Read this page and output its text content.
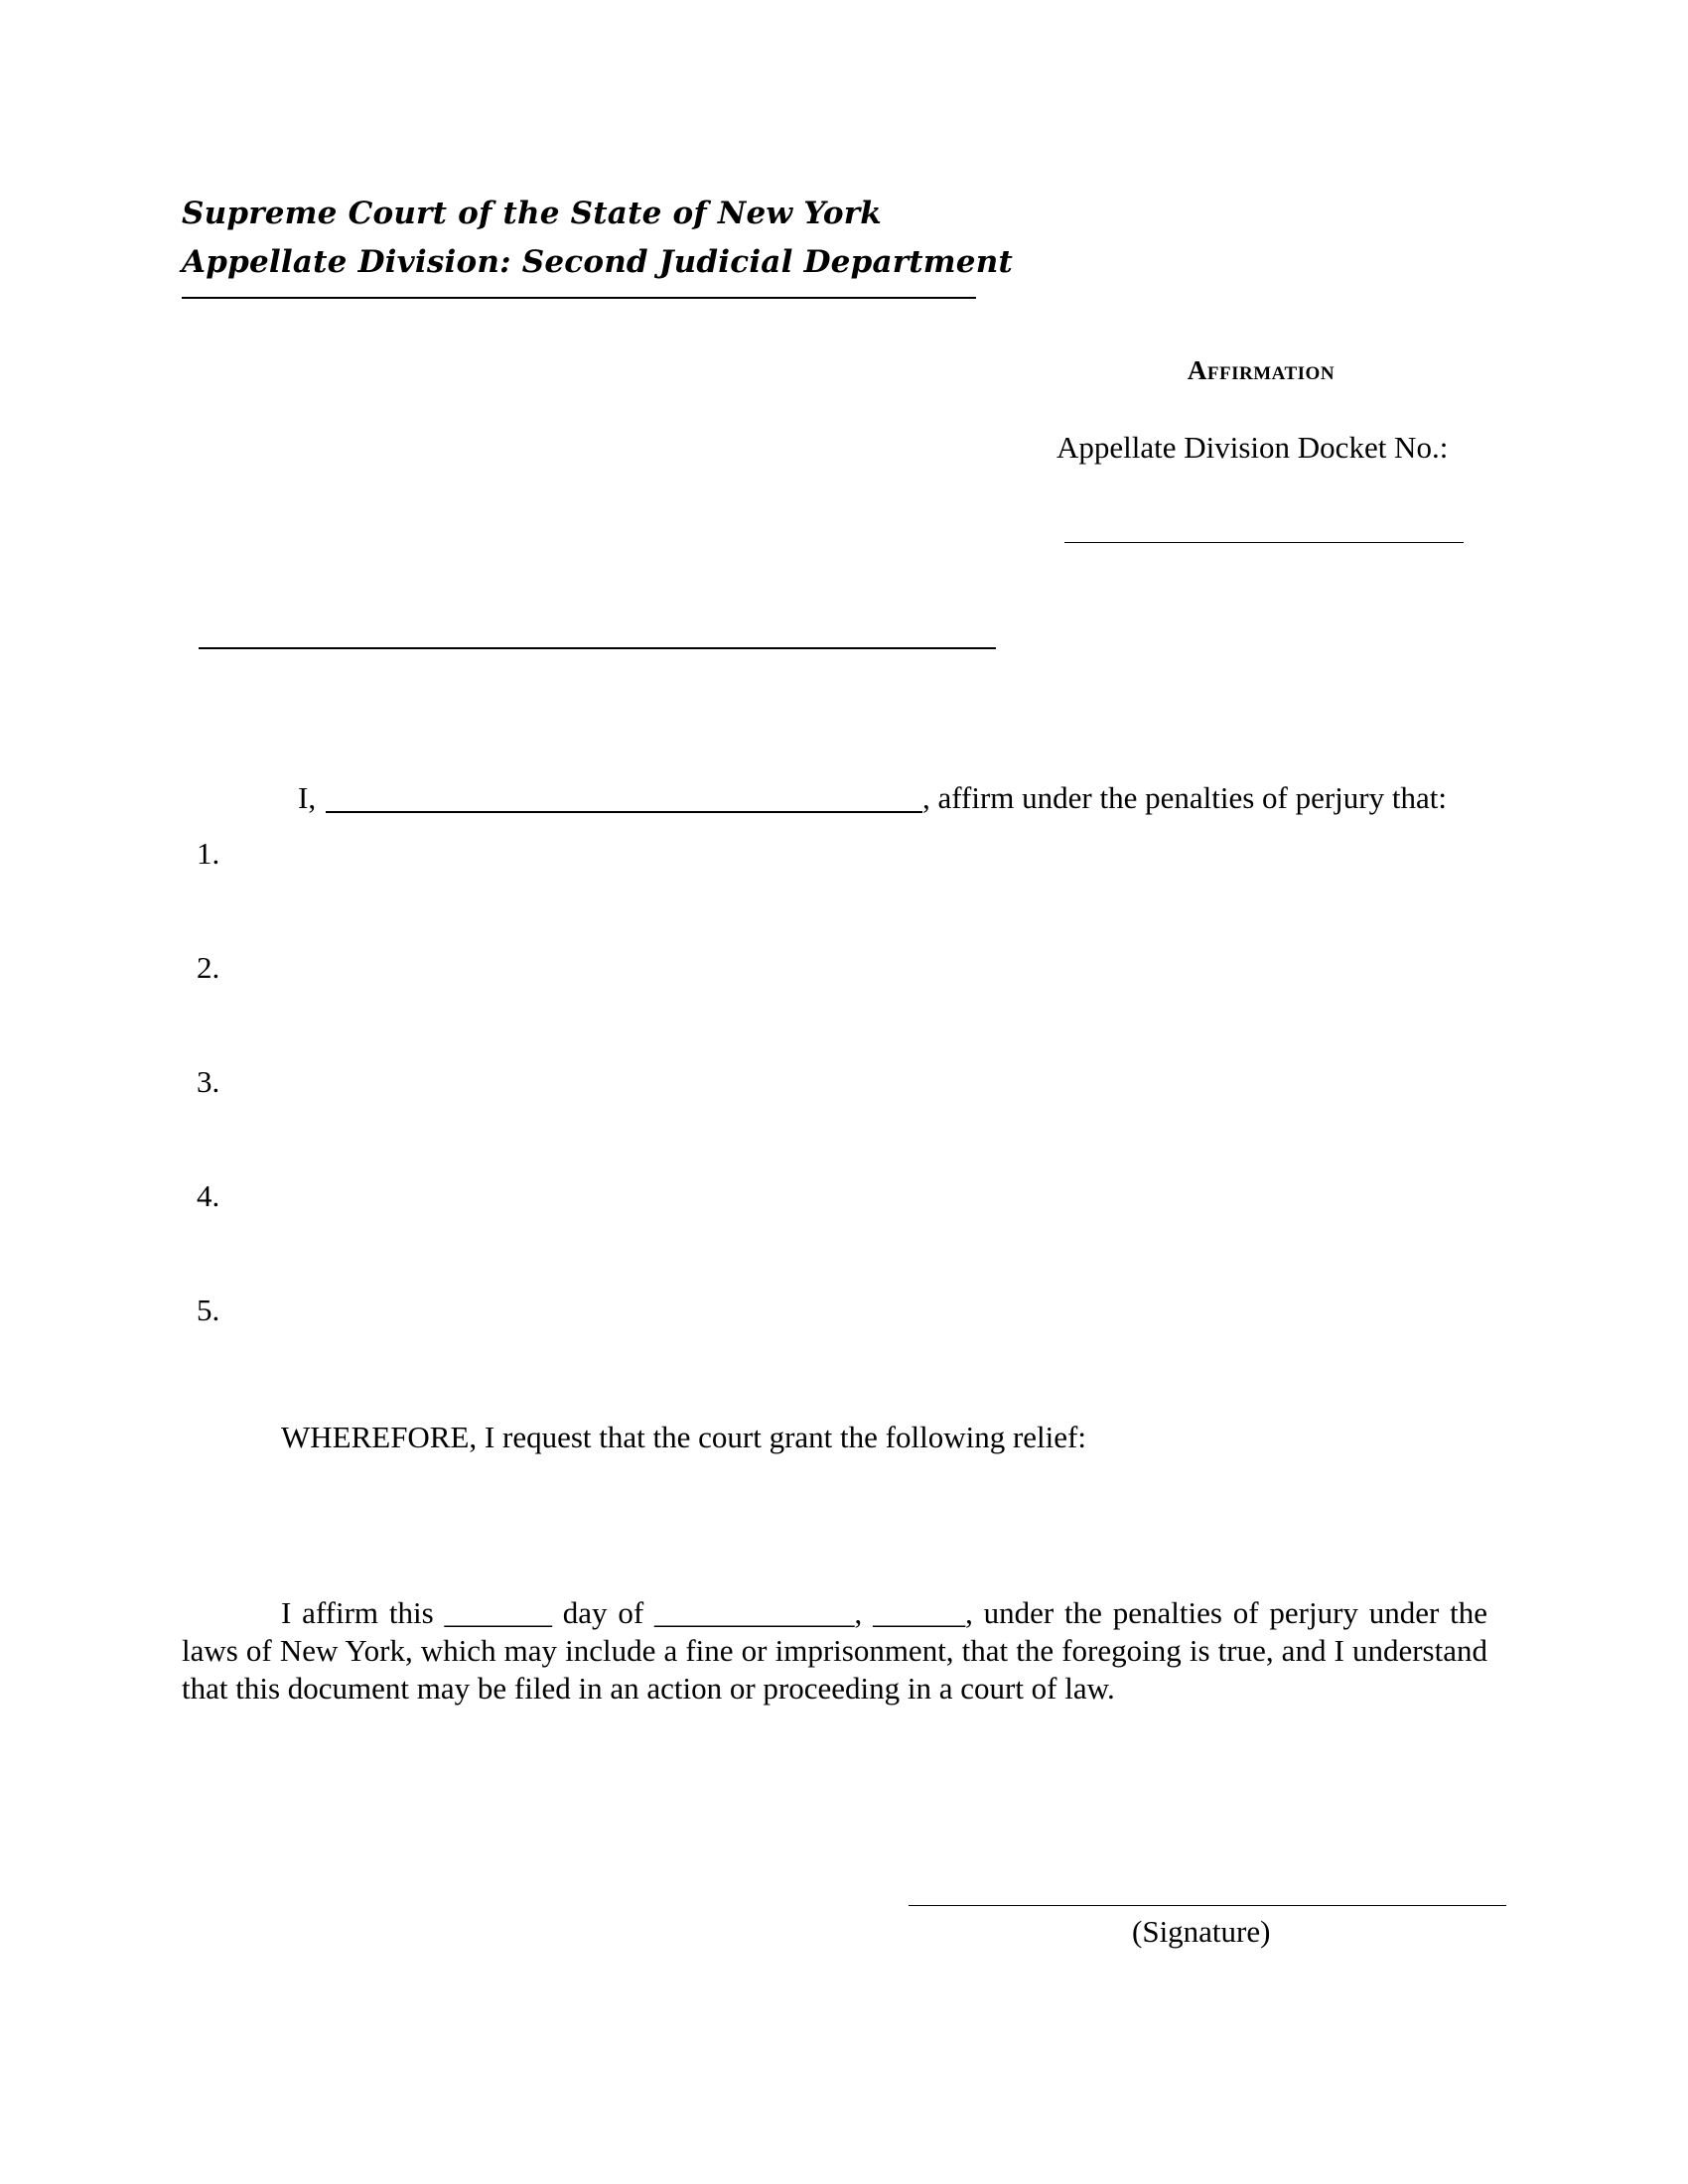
Supreme Court of the State of New York
Appellate Division: Second Judicial Department
Affirmation
Appellate Division Docket No.:
I,	, affirm under the penalties of perjury that:
1.
2.
3.
4.
5.
WHEREFORE, I request that the court grant the following relief:
I affirm this _______ day of _____________, ______, under the penalties of perjury under the laws of New York, which may include a fine or imprisonment, that the foregoing is true, and I understand that this document may be filed in an action or proceeding in a court of law.
(Signature)
